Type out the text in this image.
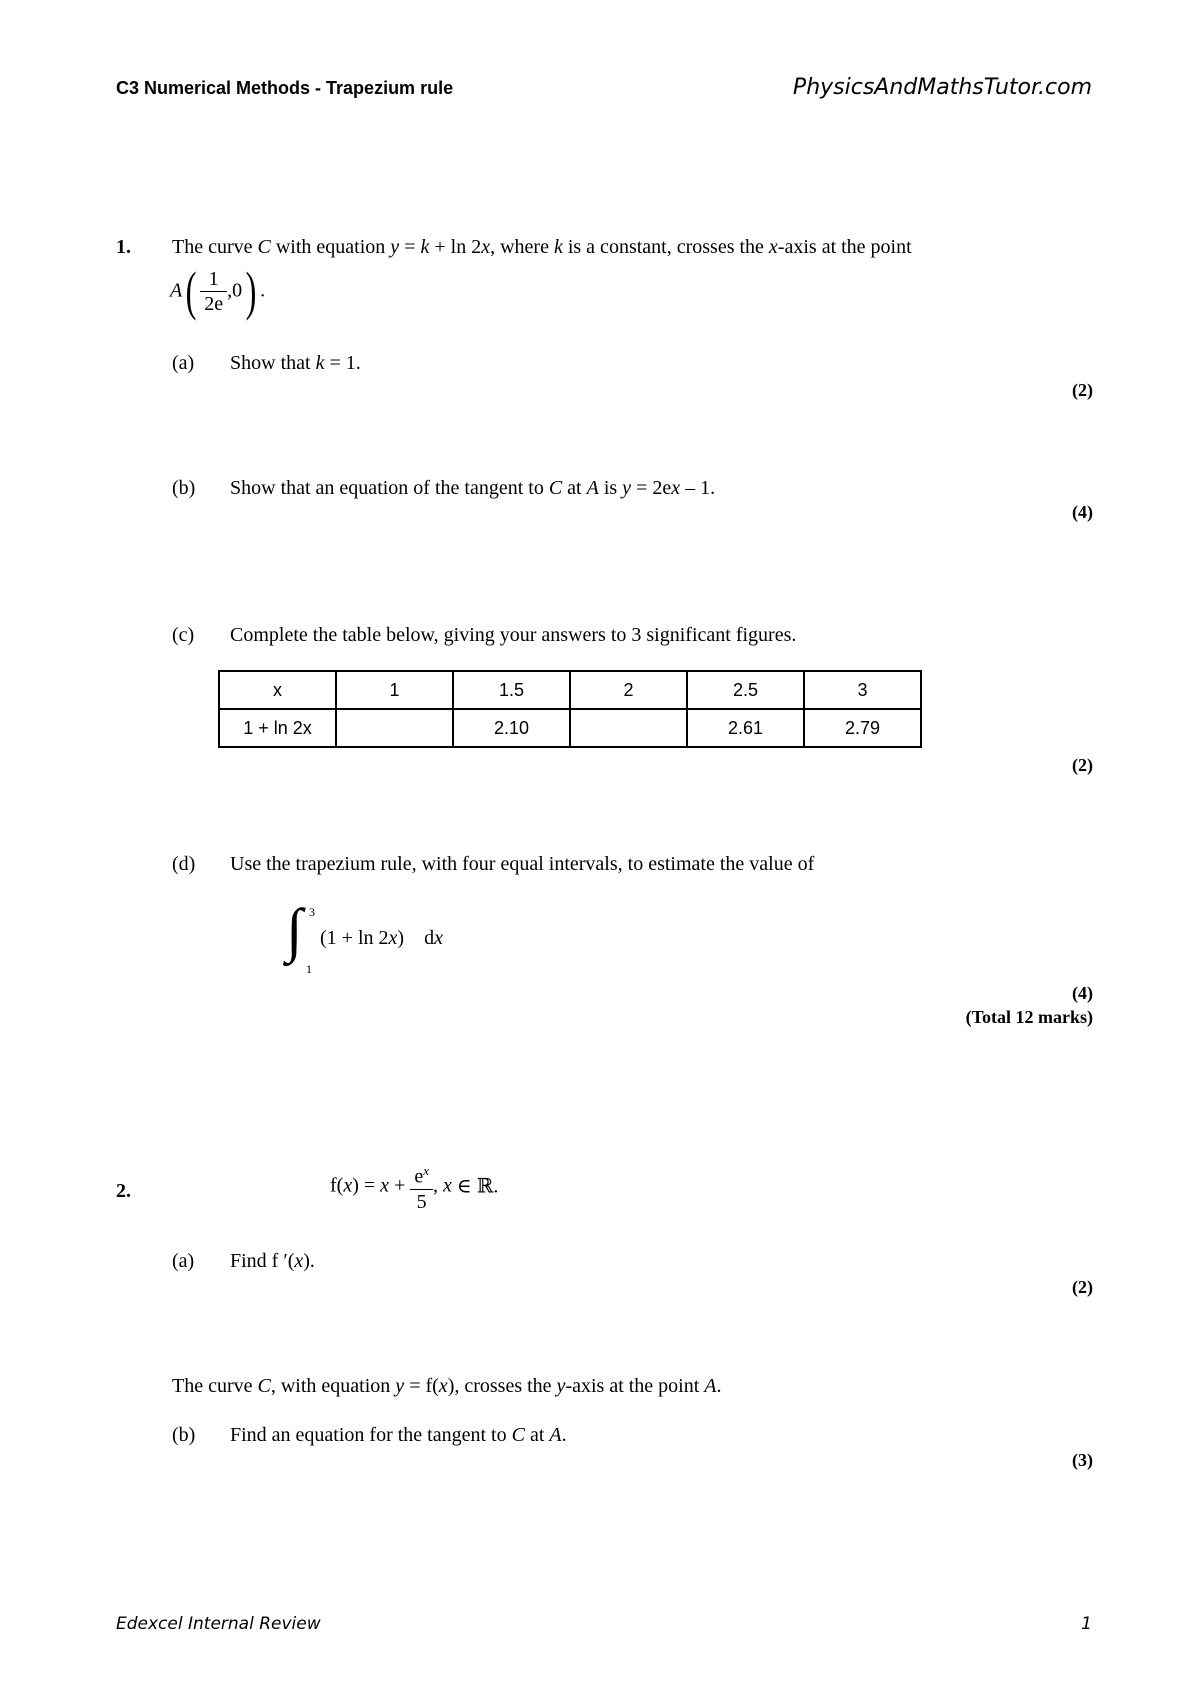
C3 Numerical Methods - Trapezium rule	PhysicsAndMathsTutor.com
1. The curve C with equation y = k + ln 2x, where k is a constant, crosses the x-axis at the point
$A( \frac{1}{2e} ,0)$ .
(a) Show that k = 1.
(2)
(b) Show that an equation of the tangent to C at A is y = 2ex – 1.
(4)
(c) Complete the table below, giving your answers to 3 significant figures.
x	1	1.5	2	2.5	3
1 + ln 2x		2.10		2.61	2.79
(2)
(d) Use the trapezium rule, with four equal intervals, to estimate the value of
∫ 3
1
(1 + ln 2x) dx
(4)
(Total 12 marks)
2.	$f(x) = x + \frac{e^x}{5}$ , x ∈ ℝ.
(a) Find f ′(x).
(2)
The curve C, with equation y = f(x), crosses the y-axis at the point A.
(b) Find an equation for the tangent to C at A.
(3)
Edexcel Internal Review	1
